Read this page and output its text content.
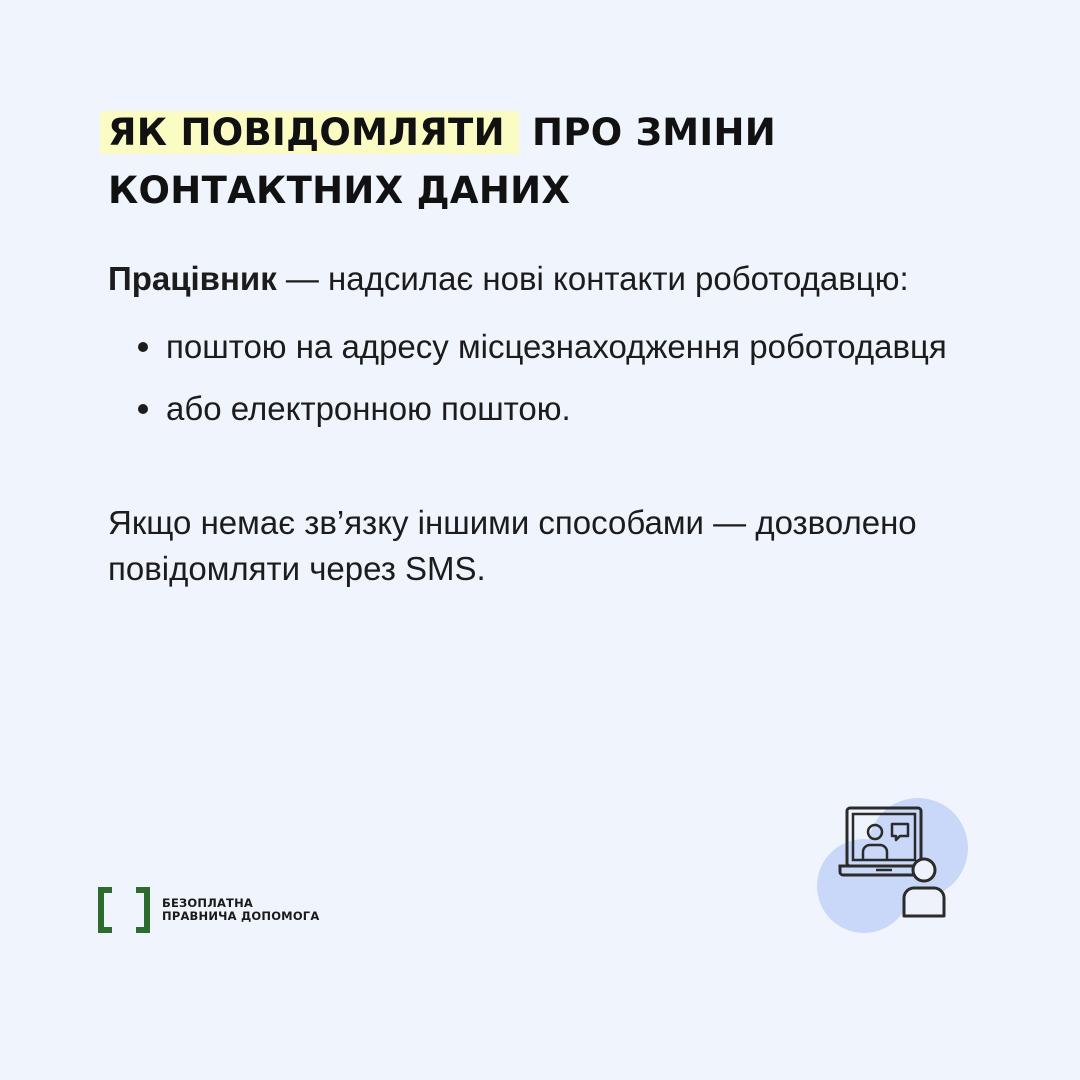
ЯК ПОВІДОМЛЯТИ ПРО ЗМІНИ
КОНТАКТНИХ ДАНИХ

Працівник — надсилає нові контакти роботодавцю:

поштою на адресу місцезнаходження роботодавця
або електронною поштою.

Якщо немає зв’язку іншими способами — дозволено повідомляти через SMS.

БЕЗОПЛАТНА
ПРАВНИЧА ДОПОМОГА
